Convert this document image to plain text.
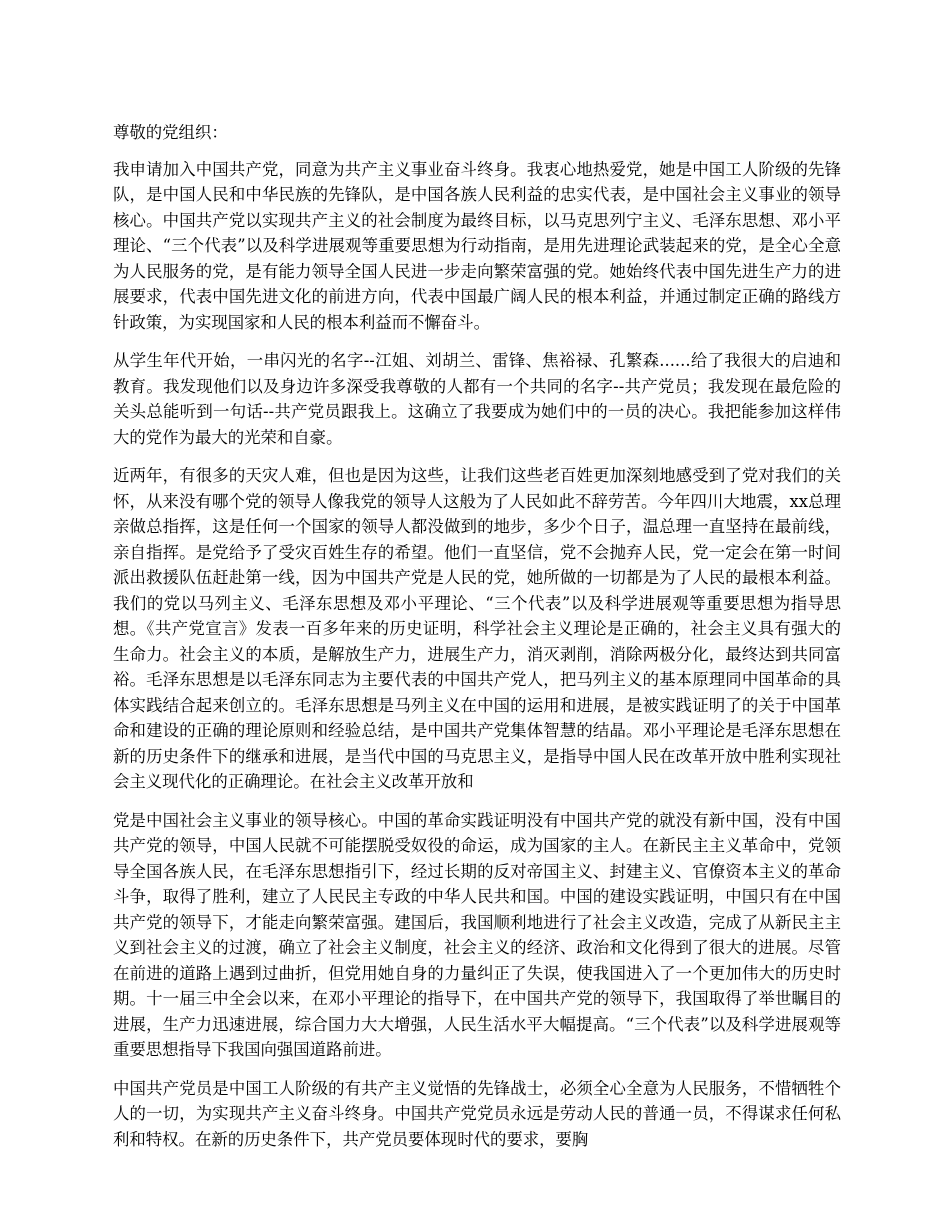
尊敬的党组织：

我申请加入中国共产党，同意为共产主义事业奋斗终身。我衷心地热爱党，她是中国工人阶级的先锋队，是中国人民和中华民族的先锋队，是中国各族人民利益的忠实代表，是中国社会主义事业的领导核心。中国共产党以实现共产主义的社会制度为最终目标，以马克思列宁主义、毛泽东思想、邓小平理论、“三个代表”以及科学进展观等重要思想为行动指南，是用先进理论武装起来的党，是全心全意为人民服务的党，是有能力领导全国人民进一步走向繁荣富强的党。她始终代表中国先进生产力的进展要求，代表中国先进文化的前进方向，代表中国最广阔人民的根本利益，并通过制定正确的路线方针政策，为实现国家和人民的根本利益而不懈奋斗。

从学生年代开始，一串闪光的名字--江姐、刘胡兰、雷锋、焦裕禄、孔繁森......给了我很大的启迪和教育。我发现他们以及身边许多深受我尊敬的人都有一个共同的名字--共产党员；我发现在最危险的关头总能听到一句话--共产党员跟我上。这确立了我要成为她们中的一员的决心。我把能参加这样伟大的党作为最大的光荣和自豪。

近两年，有很多的天灾人难，但也是因为这些，让我们这些老百姓更加深刻地感受到了党对我们的关怀，从来没有哪个党的领导人像我党的领导人这般为了人民如此不辞劳苦。今年四川大地震，xx总理亲做总指挥，这是任何一个国家的领导人都没做到的地步，多少个日子，温总理一直坚持在最前线，亲自指挥。是党给予了受灾百姓生存的希望。他们一直坚信，党不会抛弃人民，党一定会在第一时间派出救援队伍赶赴第一线，因为中国共产党是人民的党，她所做的一切都是为了人民的最根本利益。我们的党以马列主义、毛泽东思想及邓小平理论、“三个代表”以及科学进展观等重要思想为指导思想。《共产党宣言》发表一百多年来的历史证明，科学社会主义理论是正确的，社会主义具有强大的生命力。社会主义的本质，是解放生产力，进展生产力，消灭剥削，消除两极分化，最终达到共同富裕。毛泽东思想是以毛泽东同志为主要代表的中国共产党人，把马列主义的基本原理同中国革命的具体实践结合起来创立的。毛泽东思想是马列主义在中国的运用和进展，是被实践证明了的关于中国革命和建设的正确的理论原则和经验总结，是中国共产党集体智慧的结晶。邓小平理论是毛泽东思想在新的历史条件下的继承和进展，是当代中国的马克思主义，是指导中国人民在改革开放中胜利实现社会主义现代化的正确理论。在社会主义改革开放和

党是中国社会主义事业的领导核心。中国的革命实践证明没有中国共产党的就没有新中国，没有中国共产党的领导，中国人民就不可能摆脱受奴役的命运，成为国家的主人。在新民主主义革命中，党领导全国各族人民，在毛泽东思想指引下，经过长期的反对帝国主义、封建主义、官僚资本主义的革命斗争，取得了胜利，建立了人民民主专政的中华人民共和国。中国的建设实践证明，中国只有在中国共产党的领导下，才能走向繁荣富强。建国后，我国顺利地进行了社会主义改造，完成了从新民主主义到社会主义的过渡，确立了社会主义制度，社会主义的经济、政治和文化得到了很大的进展。尽管在前进的道路上遇到过曲折，但党用她自身的力量纠正了失误，使我国进入了一个更加伟大的历史时期。十一届三中全会以来，在邓小平理论的指导下，在中国共产党的领导下，我国取得了举世瞩目的进展，生产力迅速进展，综合国力大大增强，人民生活水平大幅提高。“三个代表”以及科学进展观等重要思想指导下我国向强国道路前进。

中国共产党员是中国工人阶级的有共产主义觉悟的先锋战士，必须全心全意为人民服务，不惜牺牲个人的一切，为实现共产主义奋斗终身。中国共产党党员永远是劳动人民的普通一员，不得谋求任何私利和特权。在新的历史条件下，共产党员要体现时代的要求，要胸
